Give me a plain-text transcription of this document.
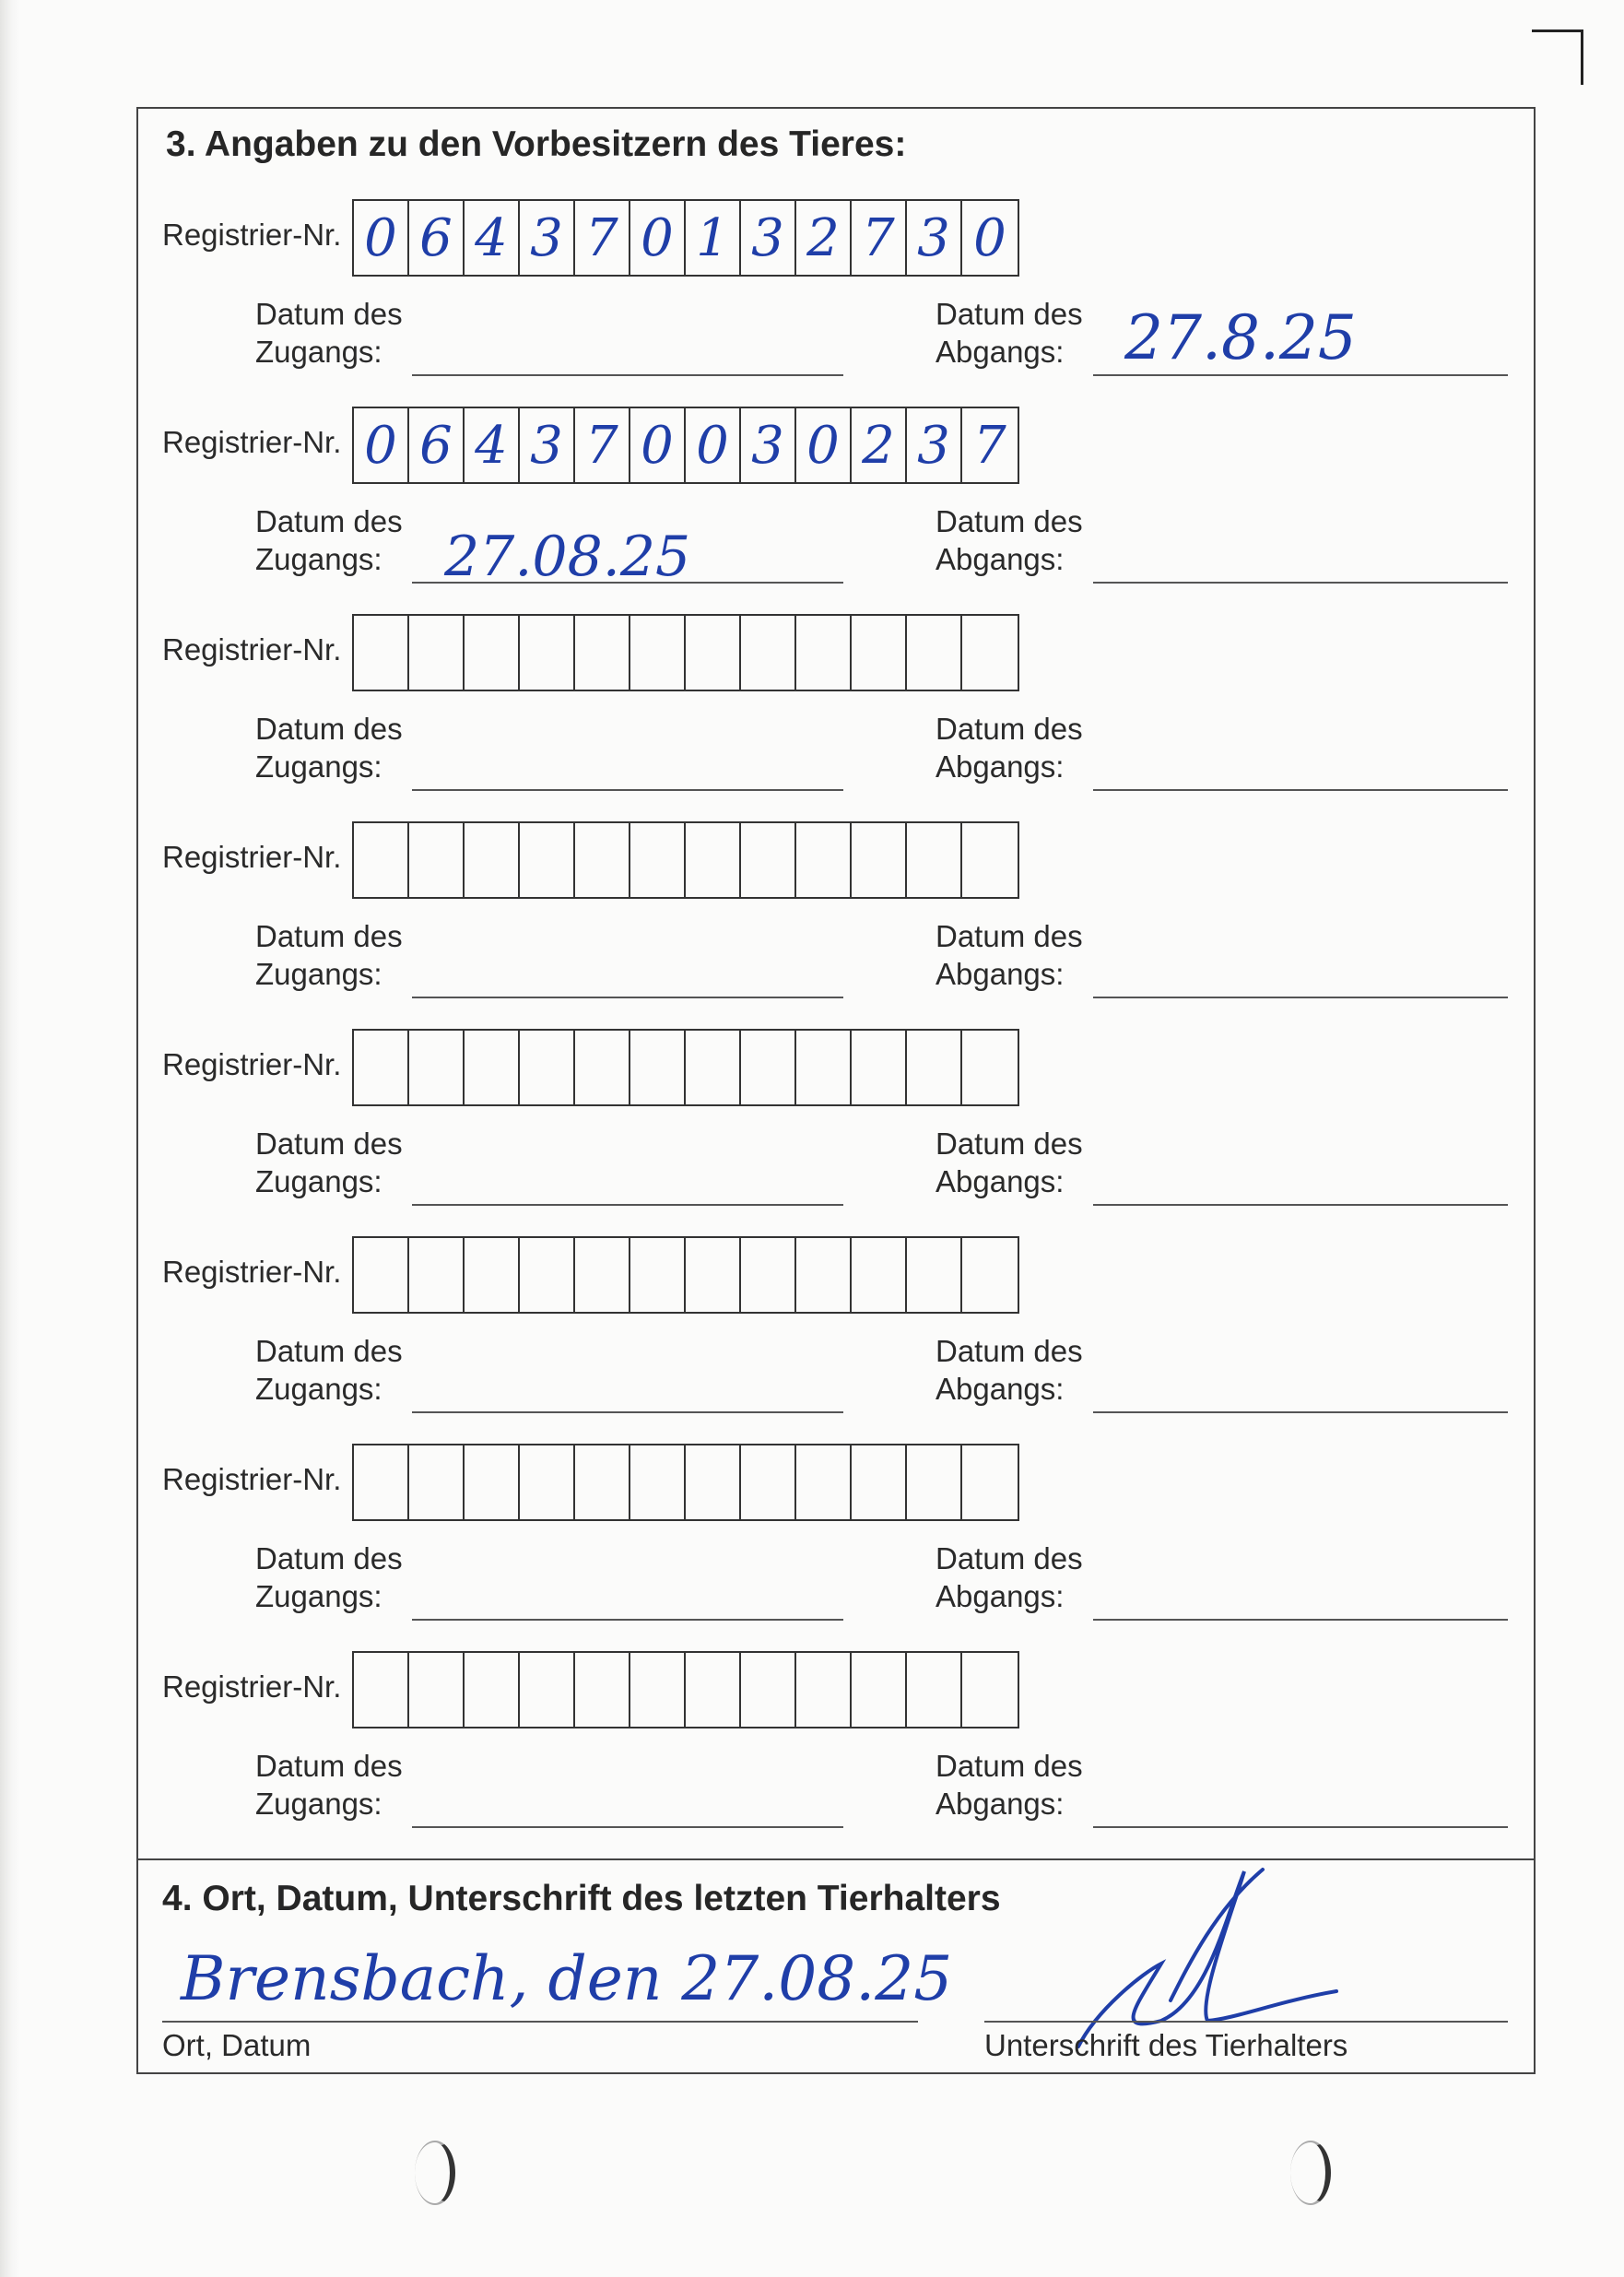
3. Angaben zu den Vorbesitzern des Tieres:
Registrier-Nr. 0 6 4 3 7 0 1 3 2 7 3 0
Datum des
Zugangs:
Datum des
Abgangs: 27.8.25
Registrier-Nr. 0 6 4 3 7 0 0 3 0 2 3 7
Datum des
Zugangs:
Datum des
Abgangs:
27.08.25
Registrier-Nr.
Datum des
Zugangs:
Datum des
Abgangs:
Registrier-Nr.
Datum des
Zugangs:
Datum des
Abgangs:
Registrier-Nr.
Datum des
Zugangs:
Datum des
Abgangs:
Registrier-Nr.
Datum des
Zugangs:
Datum des
Abgangs:
Registrier-Nr.
Datum des
Zugangs:
Datum des
Abgangs:
Registrier-Nr.
Datum des
Zugangs:
Datum des
Abgangs:
4. Ort, Datum, Unterschrift des letzten Tierhalters
Brensbach, den 27.08.25
Ort, Datum	Unterschrift des Tierhalters
